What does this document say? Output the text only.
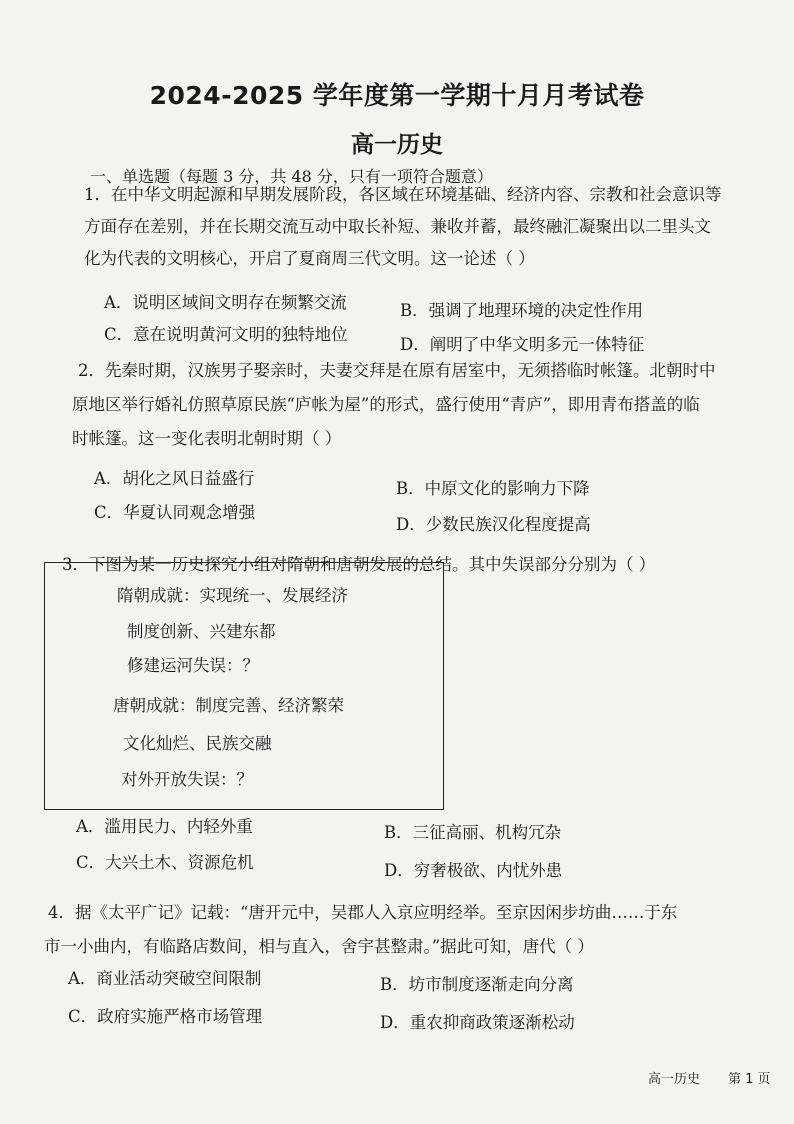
2024-2025 学年度第一学期十月月考试卷
高一历史
一、单选题（每题 3 分，共 48 分，只有一项符合题意）
1．在中华文明起源和早期发展阶段，各区域在环境基础、经济内容、宗教和社会意识等
方面存在差别，并在长期交流互动中取长补短、兼收并蓄，最终融汇凝聚出以二里头文
化为代表的文明核心，开启了夏商周三代文明。这一论述（ ）
A．说明区域间文明存在频繁交流	B．强调了地理环境的决定性作用
C．意在说明黄河文明的独特地位
D．阐明了中华文明多元一体特征
2．先秦时期，汉族男子娶亲时，夫妻交拜是在原有居室中，无须搭临时帐篷。北朝时中
原地区举行婚礼仿照草原民族“庐帐为屋”的形式，盛行使用“青庐”，即用青布搭盖的临
时帐篷。这一变化表明北朝时期（ ）
A．胡化之风日益盛行
B．中原文化的影响力下降
C．华夏认同观念增强
D．少数民族汉化程度提高
3．下图为某一历史探究小组对隋朝和唐朝发展的总结。其中失误部分分别为（ ）
隋朝成就：实现统一、发展经济
制度创新、兴建东都
修建运河失误：？
唐朝成就：制度完善、经济繁荣
文化灿烂、民族交融
对外开放失误：？
A．滥用民力、内轻外重	B．三征高丽、机构冗杂
C．大兴土木、资源危机	D．穷奢极欲、内忧外患
4．据《太平广记》记载：“唐开元中，吴郡人入京应明经举。至京因闲步坊曲……于东
市一小曲内，有临路店数间，相与直入，舍宇甚整肃。”据此可知，唐代（ ）
A．商业活动突破空间限制	B．坊市制度逐渐走向分离
C．政府实施严格市场管理	D．重农抑商政策逐渐松动
高一历史 第 1 页
